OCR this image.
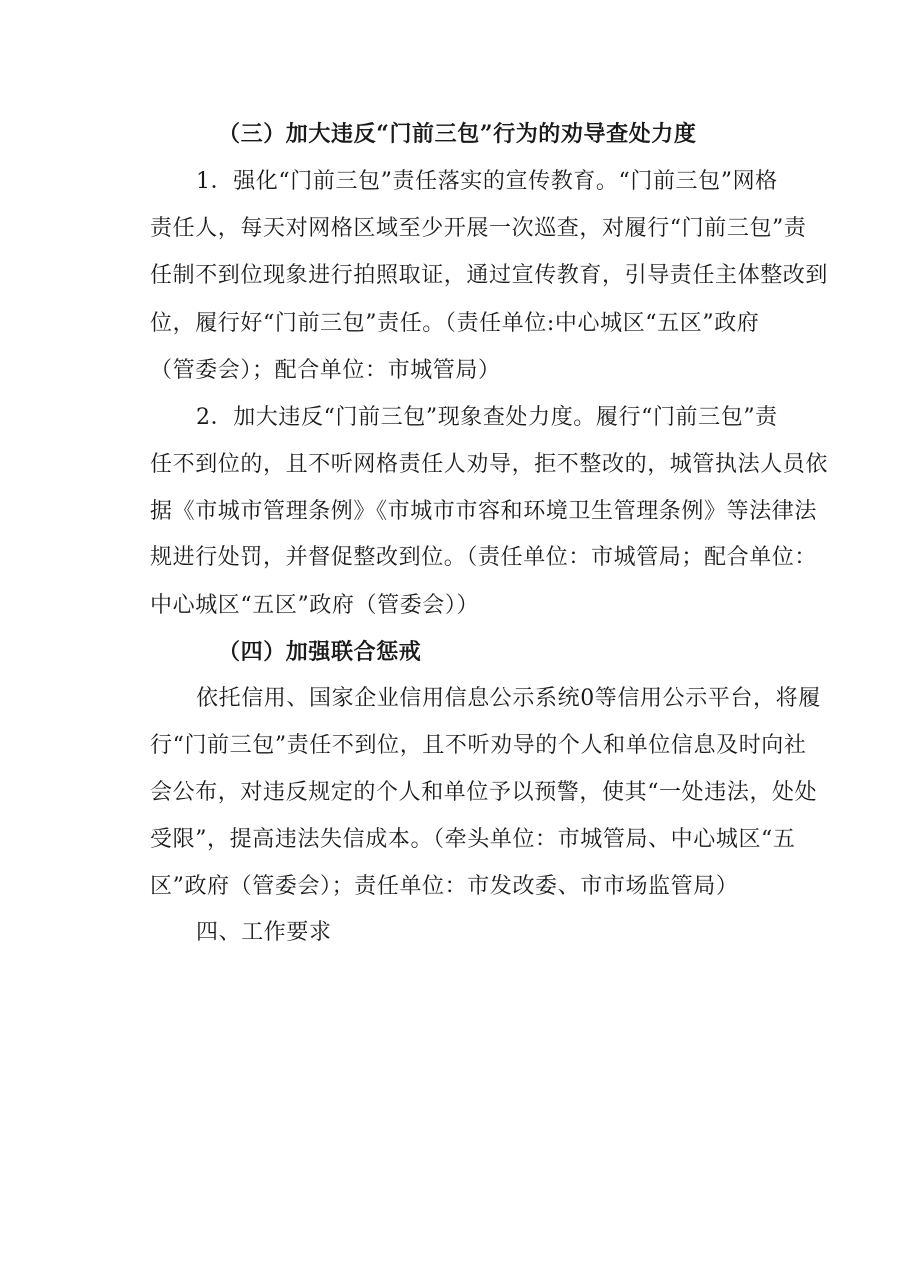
（三）加大违反“门前三包”行为的劝导查处力度
1．强化“门前三包”责任落实的宣传教育。“门前三包”网格
责任人，每天对网格区域至少开展一次巡查，对履行“门前三包”责
任制不到位现象进行拍照取证，通过宣传教育，引导责任主体整改到
位，履行好“门前三包”责任。（责任单位:中心城区“五区”政府
（管委会）；配合单位：市城管局）
2．加大违反“门前三包”现象查处力度。履行“门前三包”责
任不到位的，且不听网格责任人劝导，拒不整改的，城管执法人员依
据《市城市管理条例》《市城市市容和环境卫生管理条例》等法律法
规进行处罚，并督促整改到位。（责任单位：市城管局；配合单位：
中心城区“五区”政府（管委会））
（四）加强联合惩戒
依托信用、国家企业信用信息公示系统0等信用公示平台，将履
行“门前三包”责任不到位，且不听劝导的个人和单位信息及时向社
会公布，对违反规定的个人和单位予以预警，使其“一处违法，处处
受限”，提高违法失信成本。（牵头单位：市城管局、中心城区“五
区”政府（管委会）；责任单位：市发改委、市市场监管局）
四、工作要求
